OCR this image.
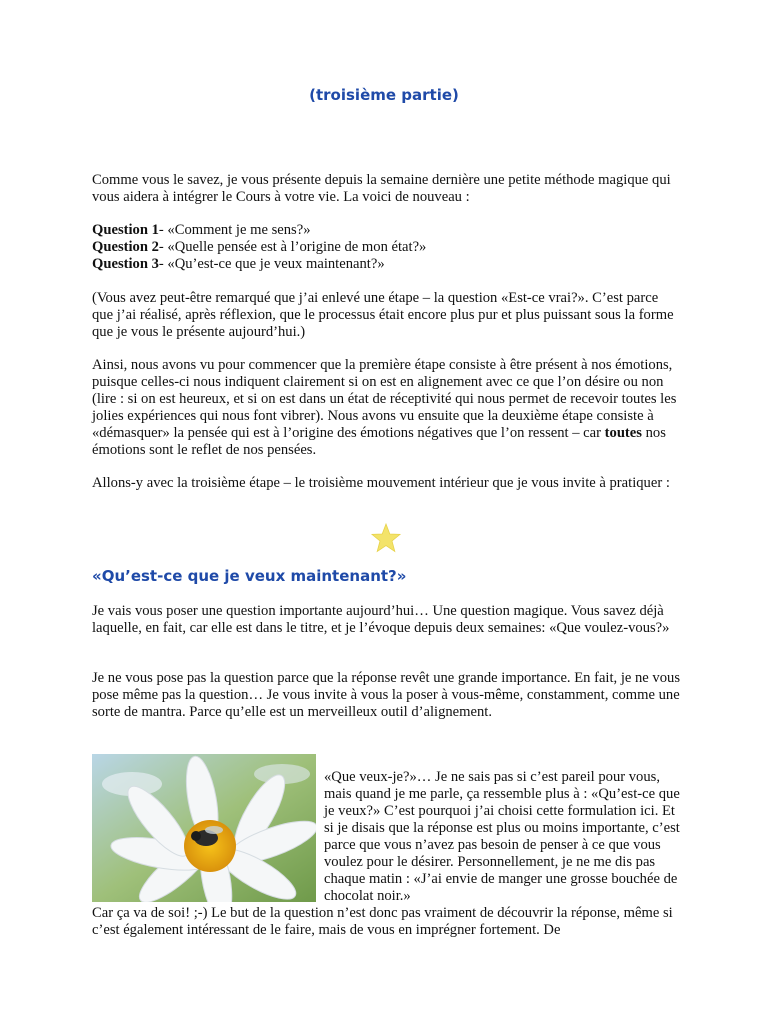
(troisième partie)

Comme vous le savez, je vous présente depuis la semaine dernière une petite méthode magique qui vous aidera à intégrer le Cours à votre vie. La voici de nouveau :

Question 1- «Comment je me sens?»
Question 2- «Quelle pensée est à l’origine de mon état?»
Question 3- «Qu’est-ce que je veux maintenant?»

(Vous avez peut-être remarqué que j’ai enlevé une étape – la question «Est-ce vrai?». C’est parce que j’ai réalisé, après réflexion, que le processus était encore plus pur et plus puissant sous la forme que je vous le présente aujourd’hui.)

Ainsi, nous avons vu pour commencer que la première étape consiste à être présent à nos émotions, puisque celles-ci nous indiquent clairement si on est en alignement avec ce que l’on désire ou non (lire : si on est heureux, et si on est dans un état de réceptivité qui nous permet de recevoir toutes les jolies expériences qui nous font vibrer). Nous avons vu ensuite que la deuxième étape consiste à «démasquer» la pensée qui est à l’origine des émotions négatives que l’on ressent – car toutes nos émotions sont le reflet de nos pensées.

Allons-y avec la troisième étape – le troisième mouvement intérieur que je vous invite à pratiquer :

«Qu’est-ce que je veux maintenant?»

Je vais vous poser une question importante aujourd’hui… Une question magique. Vous savez déjà laquelle, en fait, car elle est dans le titre, et je l’évoque depuis deux semaines: «Que voulez-vous?»

Je ne vous pose pas la question parce que la réponse revêt une grande importance. En fait, je ne vous pose même pas la question… Je vous invite à vous la poser à vous-même, constamment, comme une sorte de mantra. Parce qu’elle est un merveilleux outil d’alignement.

«Que veux-je?»… Je ne sais pas si c’est pareil pour vous, mais quand je me parle, ça ressemble plus à : «Qu’est-ce que je veux?» C’est pourquoi j’ai choisi cette formulation ici. Et si je disais que la réponse est plus ou moins importante, c’est parce que vous n’avez pas besoin de penser à ce que vous voulez pour le désirer. Personnellement, je ne me dis pas chaque matin : «J’ai envie de manger une grosse bouchée de chocolat noir.»

Car ça va de soi! ;-) Le but de la question n’est donc pas vraiment de découvrir la réponse, même si c’est également intéressant de le faire, mais de vous en imprégner fortement. De
